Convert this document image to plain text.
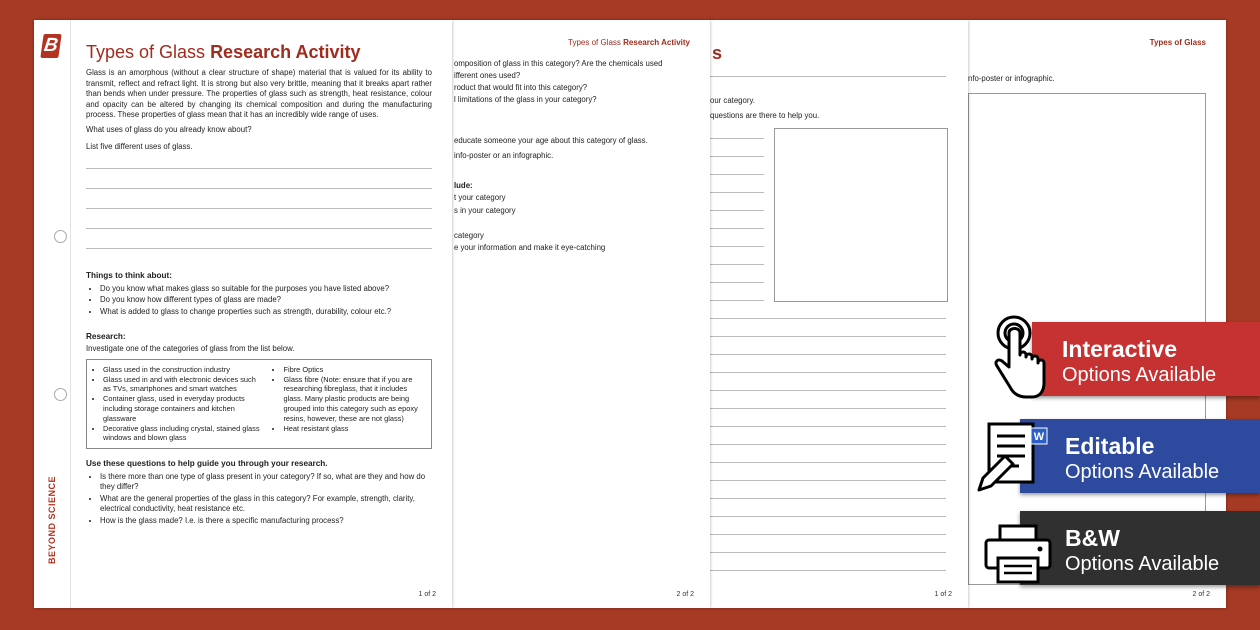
B
BEYOND SCIENCE
Types of Glass Research Activity

Glass is an amorphous (without a clear structure of shape) material that is valued for its ability to transmit, reflect and refract light. It is strong but also very brittle, meaning that it breaks apart rather than bends when under pressure. The properties of glass such as strength, heat resistance, colour and opacity can be altered by changing its chemical composition and during the manufacturing process. These properties of glass mean that it has an incredibly wide range of uses.

What uses of glass do you already know about?

List five different uses of glass.

Things to think about:
• Do you know what makes glass so suitable for the purposes you have listed above?
• Do you know how different types of glass are made?
• What is added to glass to change properties such as strength, durability, colour etc.?
Research:

Investigate one of the categories of glass from the list below.

• Glass used in the construction industry
• Glass used in and with electronic devices such as TVs, smartphones and smart watches
• Container glass, used in everyday products including storage containers and kitchen glassware
• Decorative glass including crystal, stained glass windows and blown glass
• Fibre Optics
• Glass fibre (Note: ensure that if you are researching fibreglass, that it includes glass. Many plastic products are being grouped into this category such as epoxy resins, however, these are not glass)
• Heat resistant glass
Use these questions to help guide you through your research.
• Is there more than one type of glass present in your category? If so, what are they and how do they differ?
• What are the general properties of the glass in this category? For example, strength, clarity, electrical conductivity, heat resistance etc.
• How is the glass made? I.e. is there a specific manufacturing process?
1 of 2
Types of Glass Research Activity
omposition of glass in this category? Are the chemicals used
ifferent ones used?
roduct that would fit into this category?
l limitations of the glass in your category?
educate someone your age about this category of glass.
info-poster or an infographic.
lude:
t your category
s in your category
category
e your information and make it eye-catching
2 of 2
s
our category.
questions are there to help you.
1 of 2
Types of Glass
nfo-poster or infographic.
2 of 2
Interactive
Options Available
Editable
Options Available
W
B&W
Options Available
